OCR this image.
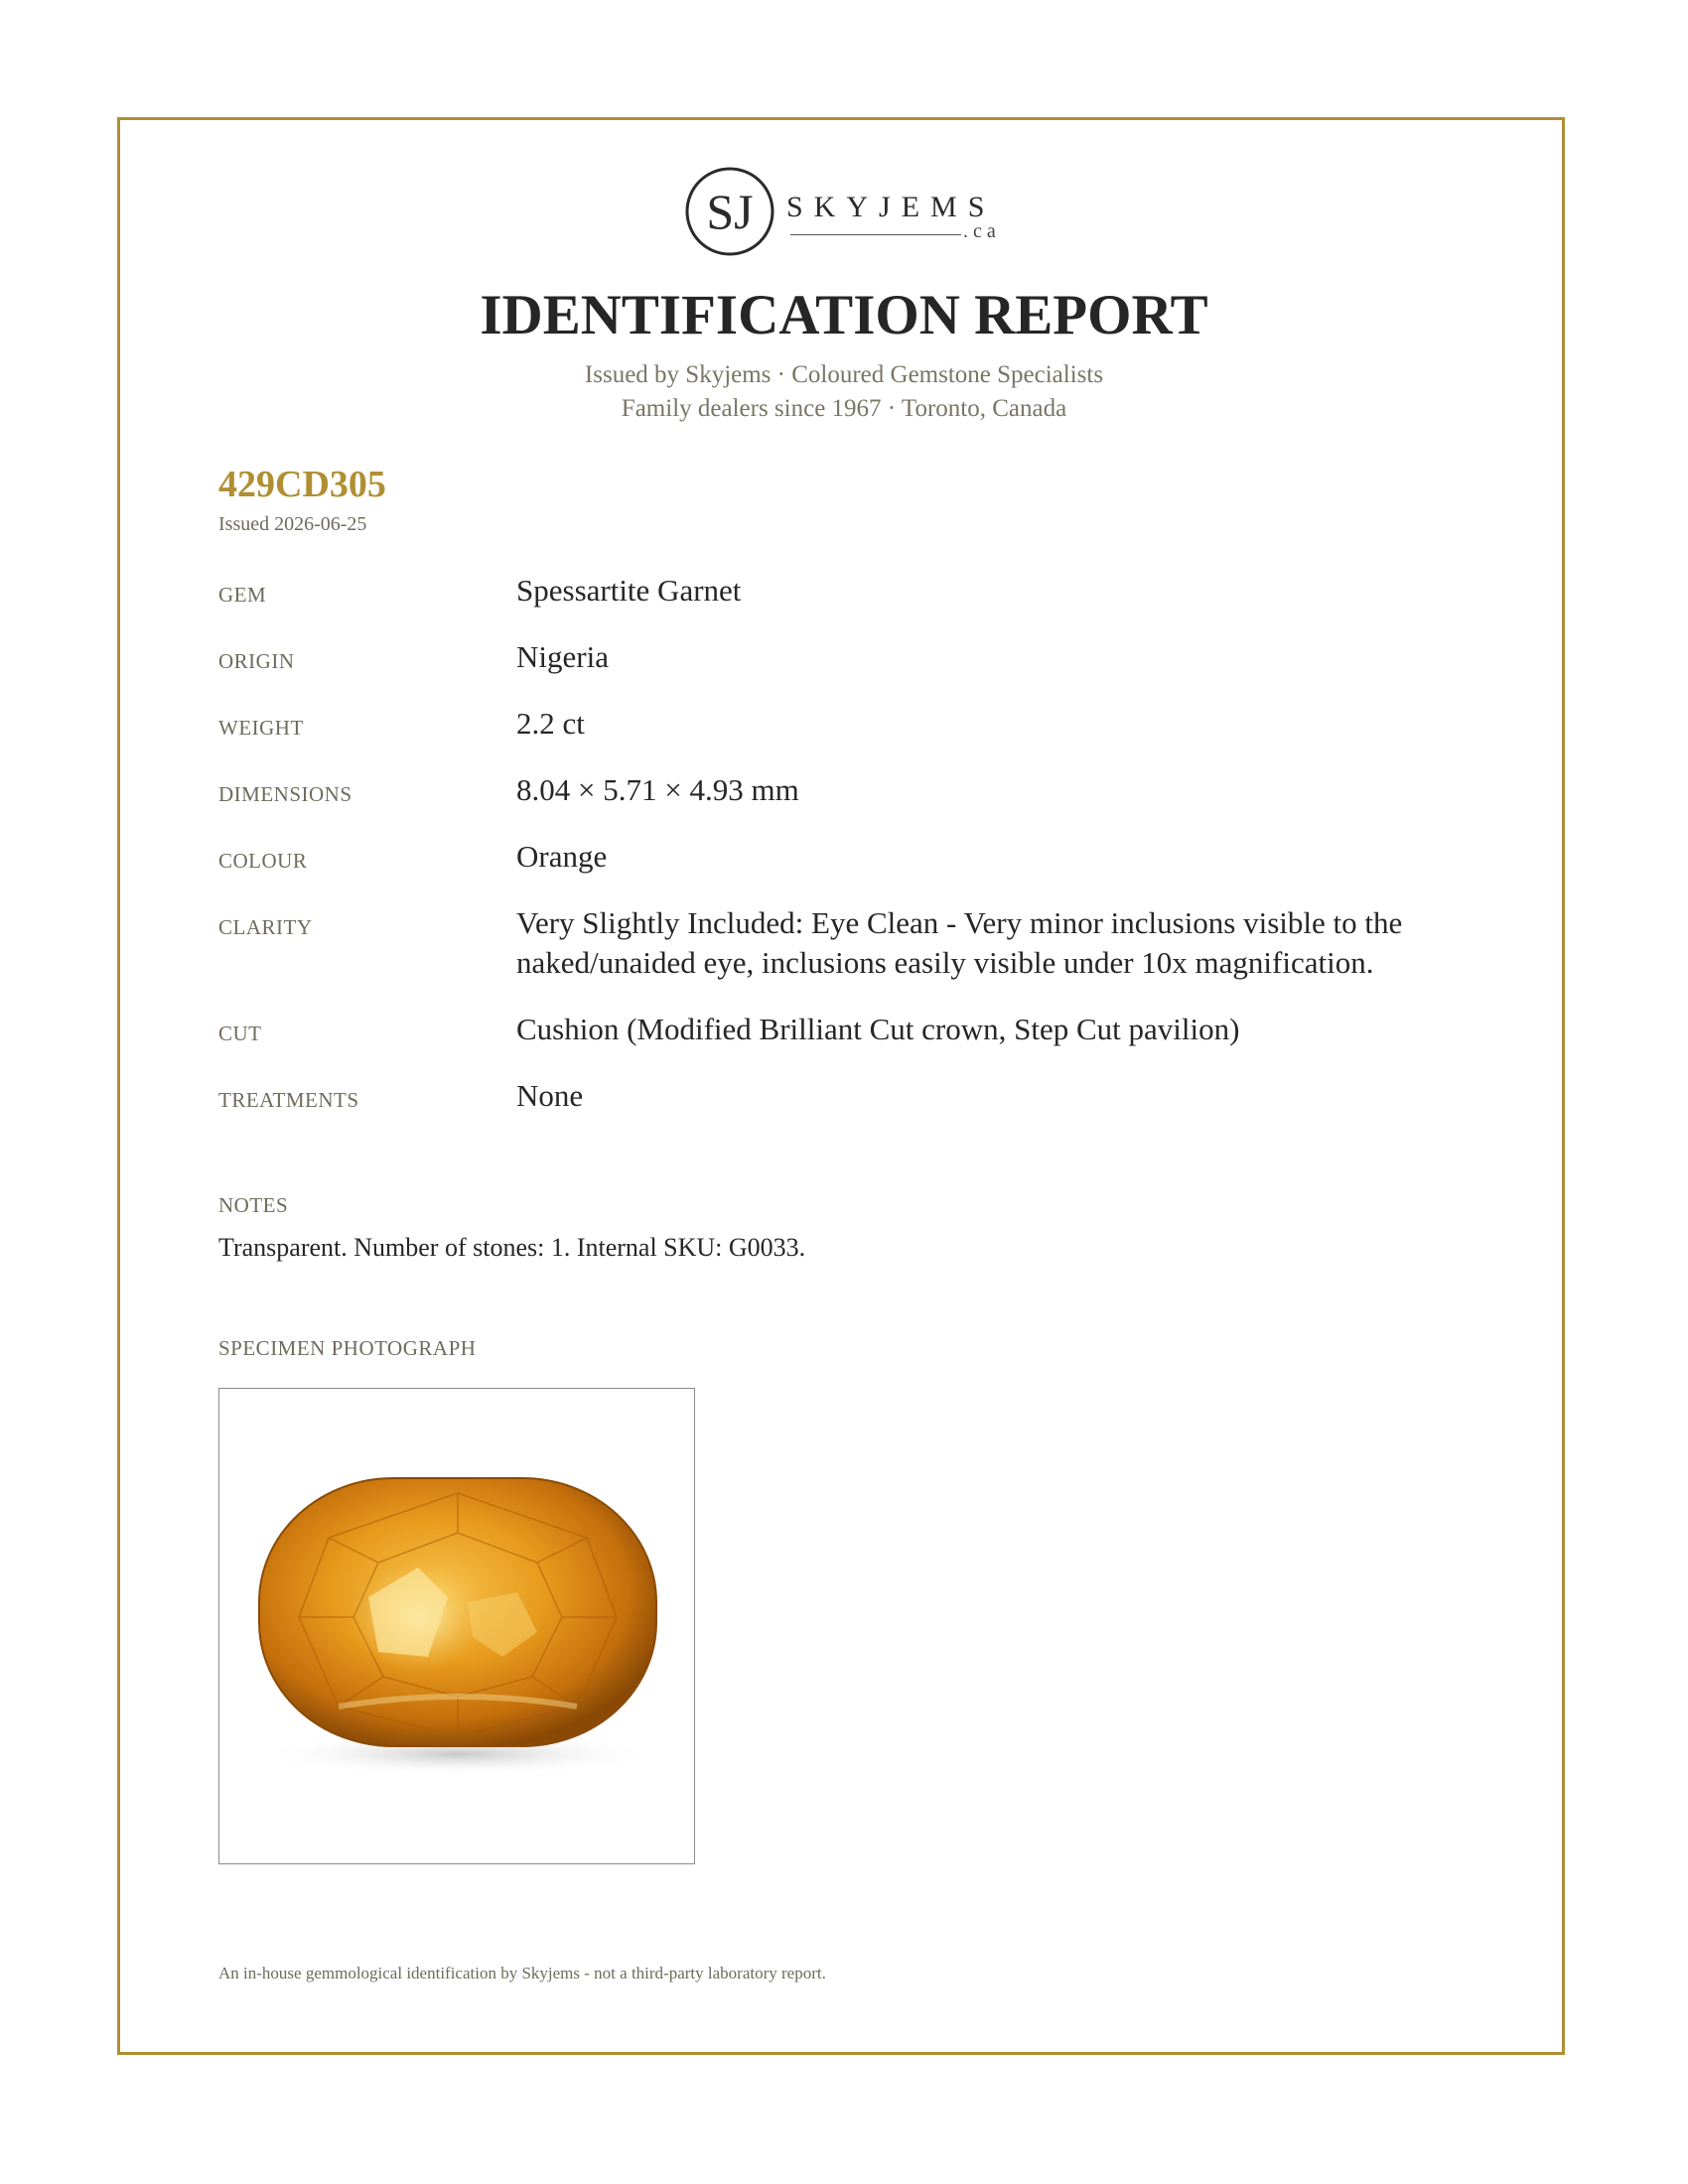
SJ SKYJEMS
.ca
IDENTIFICATION REPORT
Issued by Skyjems · Coloured Gemstone Specialists
Family dealers since 1967 · Toronto, Canada
429CD305
Issued 2026-06-25
GEM	Spessartite Garnet
ORIGIN	Nigeria
WEIGHT	2.2 ct
DIMENSIONS	8.04 × 5.71 × 4.93 mm
COLOUR	Orange
CLARITY	Very Slightly Included: Eye Clean - Very minor inclusions visible to the naked/unaided eye, inclusions easily visible under 10x magnification.
CUT	Cushion (Modified Brilliant Cut crown, Step Cut pavilion)
TREATMENTS	None
NOTES
Transparent. Number of stones: 1. Internal SKU: G0033.
SPECIMEN PHOTOGRAPH
An in-house gemmological identification by Skyjems - not a third-party laboratory report.
